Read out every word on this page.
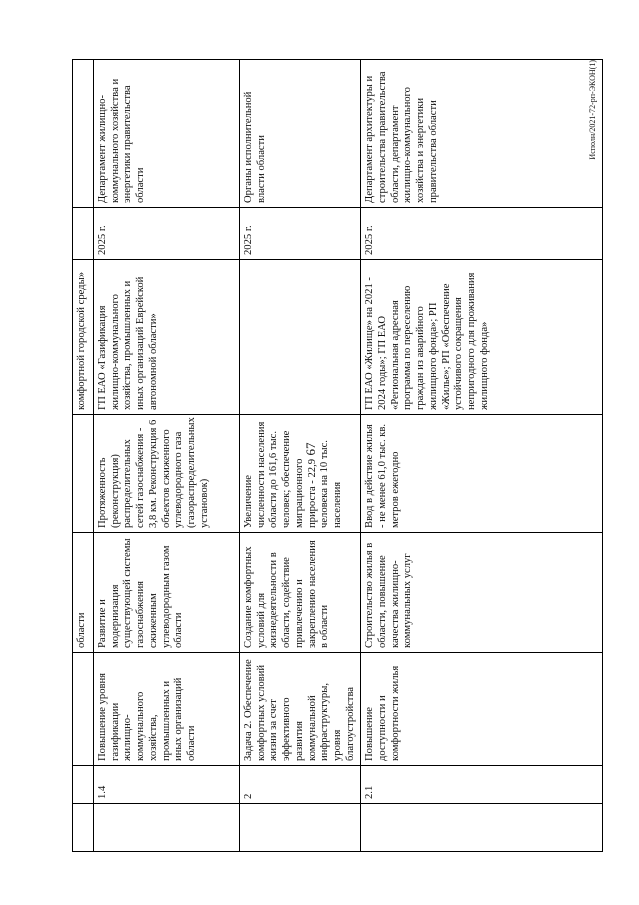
67
			области		комфортной городской среды»		
	1.4	Повышение уровня газификации жилищно-коммунального хозяйства, промышленных и иных организаций области	Развитие и модернизация существующей системы газоснабжения сжиженным углеводородным газом области	Протяженность (реконструкция) распределительных сетей газоснабжения - 3,8 км. Реконструкция 6 объектов сжиженного углеводородного газа (газораспределительных установок)	ГП ЕАО «Газификация жилищно-коммунального хозяйства, промышленных и иных организаций Еврейской автономной области»	2025 г.	Департамент жилищно-коммунального хозяйства и энергетики правительства области
	2	Задача 2. Обеспечение комфортных условий жизни за счет эффективного развития коммунальной инфраструктуры, уровня благоустройства	Создание комфортных условий для жизнедеятельности в области, содействие привлечению и закреплению населения в области	Увеличение численности населения области до 161,6 тыс. человек; обеспечение миграционного прироста - 22,9 человека на 10 тыс. населения		2025 г.	Органы исполнительной власти области
	2.1	Повышение доступности и комфортности жилья	Строительство жилья в области, повышение качества жилищно-коммунальных услуг	Ввод в действие жилья - не менее 61,0 тыс. кв. метров ежегодно	ГП ЕАО «Жилище» на 2021 - 2024 годы»; ГП ЕАО «Региональная адресная программа по переселению граждан из аварийного жилищного фонда»; РП «Жилье»; РП «Обеспечение устойчивого сокращения непригодного для проживания жилищного фонда»	2025 г.	Департамент архитектуры и строительства правительства области, департамент жилищно-коммунального хозяйства и энергетики правительства области	Исполн/2021-72-рп-ЭКОН(1)
